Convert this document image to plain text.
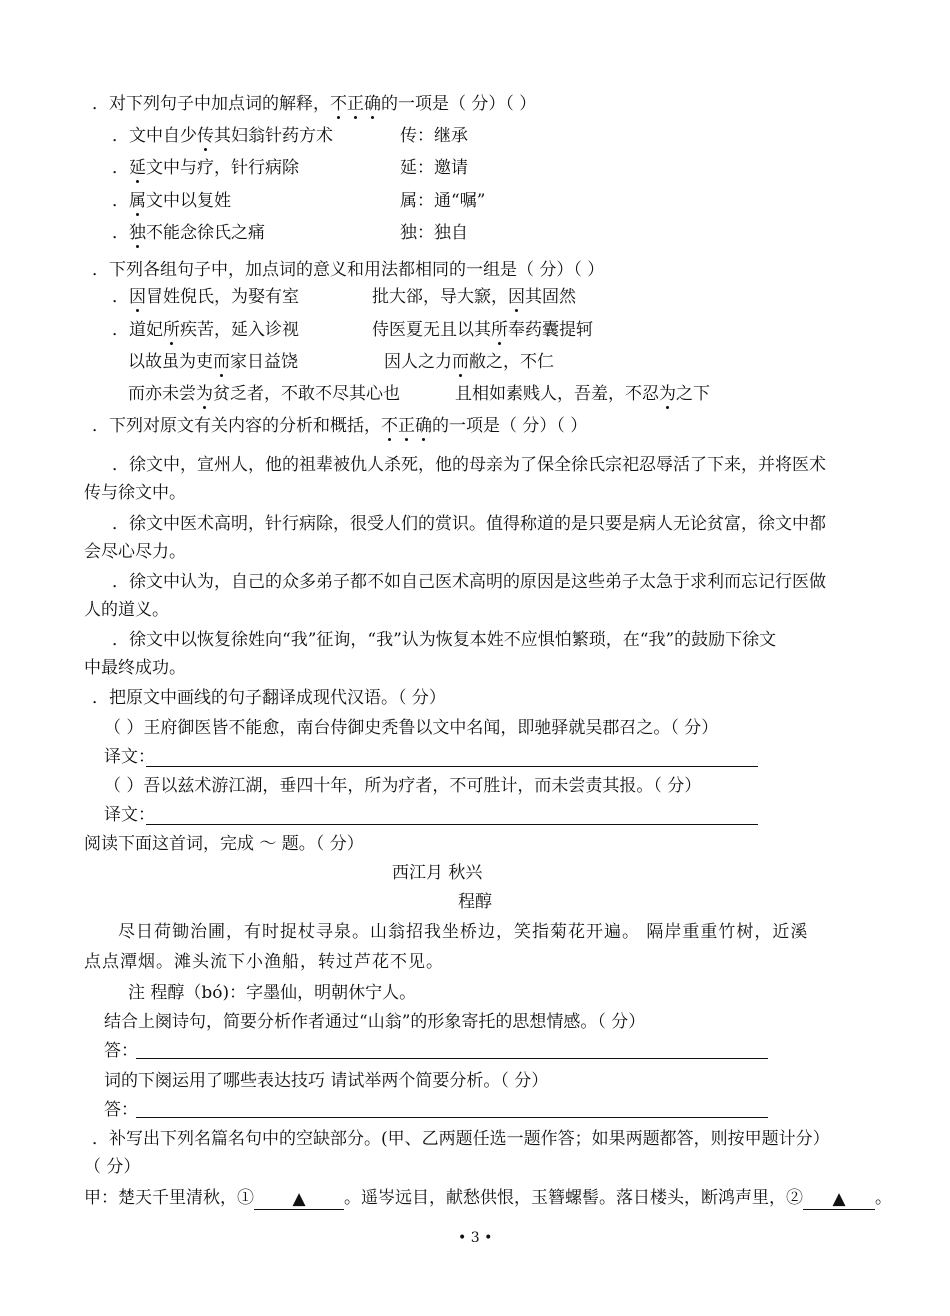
．对下列句子中加点词的解释，不正确的一项是（ 分）（ ）
．文中自少传其妇翁针药方术	传：继承
．延文中与疗，针行病除	延：邀请
．属文中以复姓	属：通“嘱”
．独不能念徐氏之痛	独：独自
．下列各组句子中，加点词的意义和用法都相同的一组是（ 分）（ ）
．因冒姓倪氏，为娶有室	批大郤，导大窾，因其固然
．道妃所疾苦，延入诊视	侍医夏无且以其所奉药囊提轲
以故虽为吏而家日益饶	因人之力而敝之，不仁
而亦未尝为贫乏者，不敢不尽其心也	且相如素贱人，吾羞，不忍为之下
．下列对原文有关内容的分析和概括，不正确的一项是（ 分）（ ）
．徐文中，宣州人，他的祖辈被仇人杀死，他的母亲为了保全徐氏宗祀忍辱活了下来，并将医术
传与徐文中。
．徐文中医术高明，针行病除，很受人们的赏识。值得称道的是只要是病人无论贫富，徐文中都
会尽心尽力。
．徐文中认为，自己的众多弟子都不如自己医术高明的原因是这些弟子太急于求利而忘记行医做
人的道义。
．徐文中以恢复徐姓向“我”征询，“我”认为恢复本姓不应惧怕繁琐，在“我”的鼓励下徐文
中最终成功。
．把原文中画线的句子翻译成现代汉语。（ 分）
（ ）王府御医皆不能愈，南台侍御史秃鲁以文中名闻，即驰驿就吴郡召之。（ 分）
译文：
（ ）吾以兹术游江湖，垂四十年，所为疗者，不可胜计，而未尝责其报。（ 分）
译文：
阅读下面这首词，完成 ～ 题。（ 分）
西江月 秋兴
程醇
尽日荷锄治圃，有时捉杖寻泉。山翁招我坐桥边，笑指菊花开遍。 隔岸重重竹树，近溪
点点潭烟。滩头流下小渔船，转过芦花不见。
注 程醇（bó)：字墨仙，明朝休宁人。
结合上阕诗句，简要分析作者通过“山翁”的形象寄托的思想情感。（ 分）
答：
词的下阕运用了哪些表达技巧 请试举两个简要分析。（ 分）
答：
．补写出下列名篇名句中的空缺部分。(甲、乙两题任选一题作答；如果两题都答，则按甲题计分）
（ 分）
甲：楚天千里清秋，① ▲ 。遥岑远目，献愁供恨，玉簪螺髻。落日楼头，断鸿声里，② ▲ 。
• 3 •
